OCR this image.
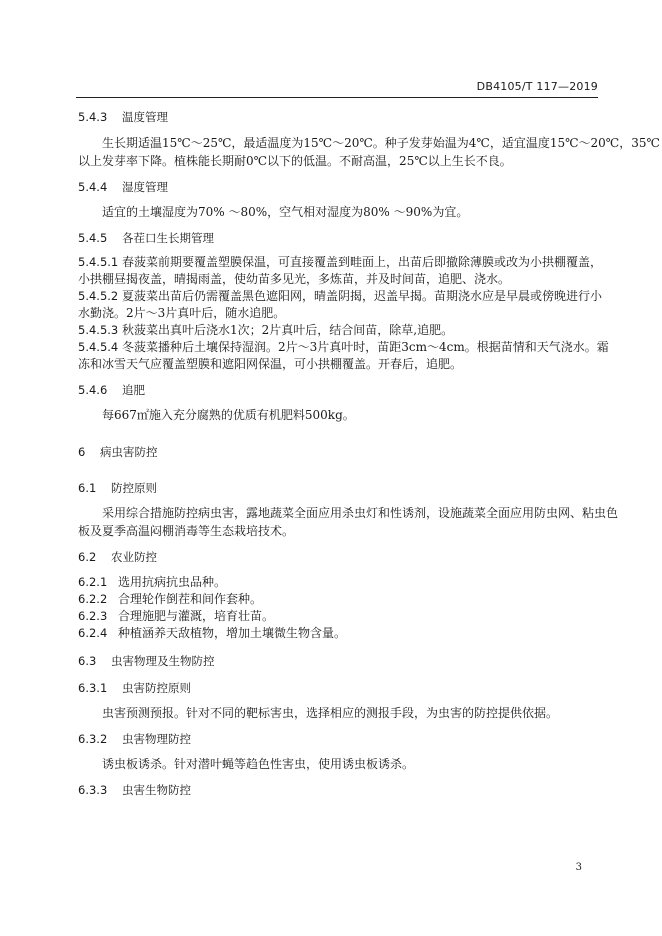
DB4105/T 117—2019
5.4.3 温度管理
生长期适温15℃～25℃，最适温度为15℃～20℃。种子发芽始温为4℃，适宜温度15℃～20℃，35℃
以上发芽率下降。植株能长期耐0℃以下的低温。不耐高温，25℃以上生长不良。
5.4.4 湿度管理
适宜的土壤湿度为70% ～80%，空气相对湿度为80% ～90%为宜。
5.4.5 各茬口生长期管理
5.4.5.1 春菠菜前期要覆盖塑膜保温，可直接覆盖到畦面上，出苗后即撤除薄膜或改为小拱棚覆盖，
小拱棚昼揭夜盖，晴揭雨盖，使幼苗多见光，多炼苗，并及时间苗，追肥、浇水。
5.4.5.2 夏菠菜出苗后仍需覆盖黑色遮阳网，晴盖阴揭，迟盖早揭。苗期浇水应是早晨或傍晚进行小
水勤浇。2片～3片真叶后，随水追肥。
5.4.5.3 秋菠菜出真叶后浇水1次；2片真叶后，结合间苗，除草,追肥。
5.4.5.4 冬菠菜播种后土壤保持湿润。2片～3片真叶时，苗距3cm～4cm。根据苗情和天气浇水。霜
冻和冰雪天气应覆盖塑膜和遮阳网保温，可小拱棚覆盖。开春后，追肥。
5.4.6 追肥
每667㎡施入充分腐熟的优质有机肥料500kg。
6 病虫害防控
6.1 防控原则
采用综合措施防控病虫害，露地蔬菜全面应用杀虫灯和性诱剂，设施蔬菜全面应用防虫网、粘虫色
板及夏季高温闷棚消毒等生态栽培技术。
6.2 农业防控
6.2.1 选用抗病抗虫品种。
6.2.2 合理轮作倒茬和间作套种。
6.2.3 合理施肥与灌溉，培育壮苗。
6.2.4 种植涵养天敌植物，增加土壤微生物含量。
6.3 虫害物理及生物防控
6.3.1 虫害防控原则
虫害预测预报。针对不同的靶标害虫，选择相应的测报手段，为虫害的防控提供依据。
6.3.2 虫害物理防控
诱虫板诱杀。针对潜叶蝇等趋色性害虫，使用诱虫板诱杀。
6.3.3 虫害生物防控
3
